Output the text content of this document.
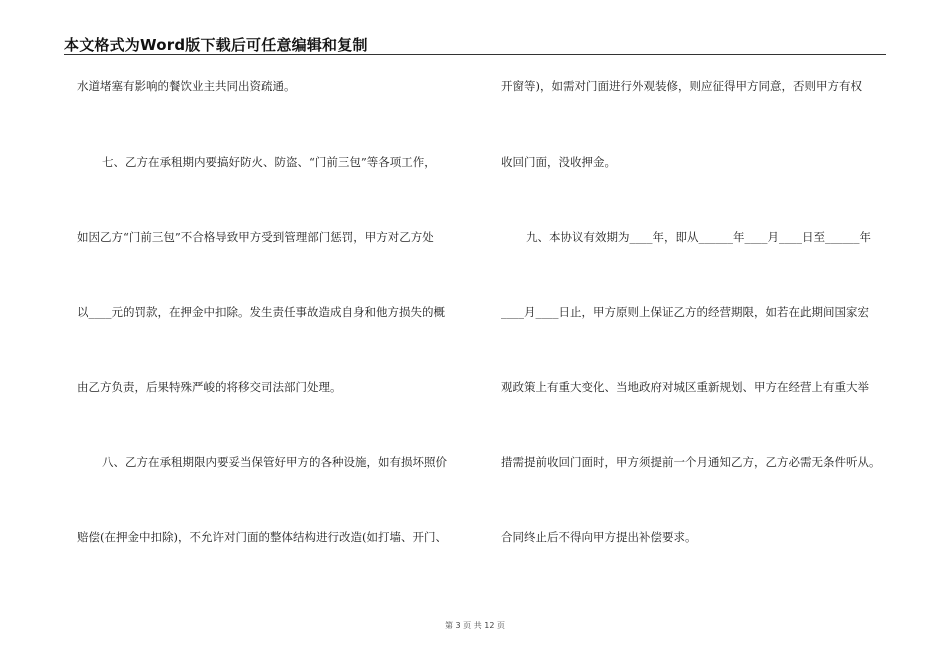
本文格式为Word版下载后可任意编辑和复制
水道堵塞有影响的餐饮业主共同出资疏通。
七、乙方在承租期内要搞好防火、防盗、“门前三包”等各项工作，
如因乙方“门前三包”不合格导致甲方受到管理部门惩罚，甲方对乙方处
以____元的罚款，在押金中扣除。发生责任事故造成自身和他方损失的概
由乙方负责，后果特殊严峻的将移交司法部门处理。
八、乙方在承租期限内要妥当保管好甲方的各种设施，如有损坏照价
赔偿(在押金中扣除)，不允许对门面的整体结构进行改造(如打墙、开门、
开窗等)，如需对门面进行外观装修，则应征得甲方同意，否则甲方有权
收回门面，没收押金。
九、本协议有效期为____年，即从______年____月____日至______年
____月____日止，甲方原则上保证乙方的经营期限，如若在此期间国家宏
观政策上有重大变化、当地政府对城区重新规划、甲方在经营上有重大举
措需提前收回门面时，甲方须提前一个月通知乙方，乙方必需无条件听从。
合同终止后不得向甲方提出补偿要求。
第 3 页 共 12 页
